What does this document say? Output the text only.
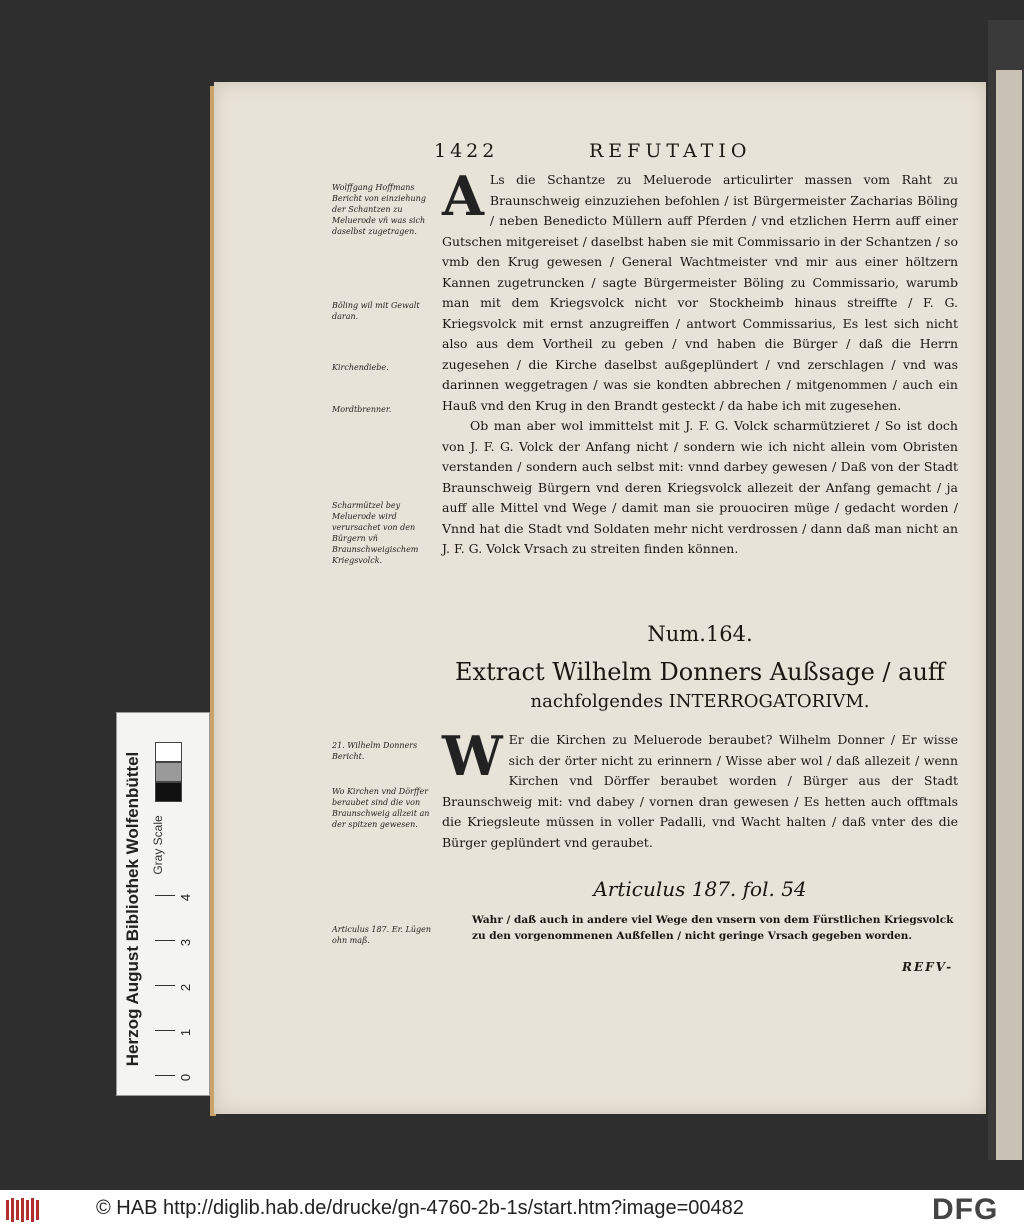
1422	REFUTATIO
Wolffgang Hoffmans Bericht von einziehung der Schantzen zu Meluerode vñ was sich daselbst zugetragen.
Böling wil mit Gewalt daran.
Kirchendiebe.
Mordtbrenner.
Scharmützel bey Meluerode wird verursachet von den Bürgern vñ Braunschweigischem Kriegsvolck.
21. Wilhelm Donners Bericht.
Wo Kirchen vnd Dörffer beraubet sind die von Braunschweig allzeit an der spitzen gewesen.
Articulus 187. Er. Lügen ohn maß.

A Ls die Schantze zu Meluerode articulirter massen vom Raht zu Braunschweig einzuziehen befohlen / ist Bürgermeister Zacharias Böling / neben Benedicto Müllern auff Pferden / vnd etzlichen Herrn auff einer Gutschen mitgereiset / daselbst haben sie mit Commissario in der Schantzen / so vmb den Krug gewesen / General Wachtmeister vnd mir aus einer höltzern Kannen zugetruncken / sagte Bürgermeister Böling zu Commissario, warumb man mit dem Kriegsvolck nicht vor Stockheimb hinaus streiffte / F. G. Kriegsvolck mit ernst anzugreiffen / antwort Commissarius, Es lest sich nicht also aus dem Vortheil zu geben / vnd haben die Bürger / daß die Herrn zugesehen / die Kirche daselbst außgeplündert / vnd zerschlagen / vnd was darinnen weggetragen / was sie kondten abbrechen / mitgenommen / auch ein Hauß vnd den Krug in den Brandt gesteckt / da habe ich mit zugesehen.

Ob man aber wol immittelst mit J. F. G. Volck scharmützieret / So ist doch von J. F. G. Volck der Anfang nicht / sondern wie ich nicht allein vom Obristen verstanden / sondern auch selbst mit: vnnd darbey gewesen / Daß von der Stadt Braunschweig Bürgern vnd deren Kriegsvolck allezeit der Anfang gemacht / ja auff alle Mittel vnd Wege / damit man sie prouociren müge / gedacht worden / Vnnd hat die Stadt vnd Soldaten mehr nicht verdrossen / dann daß man nicht an J. F. G. Volck Vrsach zu streiten finden können.

Num.164.
Extract Wilhelm Donners Außsage / auff
nachfolgendes INTERROGATORIVM.

W Er die Kirchen zu Meluerode beraubet? Wilhelm Donner / Er wisse sich der örter nicht zu erinnern / Wisse aber wol / daß allezeit / wenn Kirchen vnd Dörffer beraubet worden / Bürger aus der Stadt Braunschweig mit: vnd dabey / vornen dran gewesen / Es hetten auch offtmals die Kriegsleute müssen in voller Padalli, vnd Wacht halten / daß vnter des die Bürger geplündert vnd geraubet.

Articulus 187. fol. 54
Wahr / daß auch in andere viel Wege den vnsern von dem Fürstlichen Kriegsvolck zu den vorgenommenen Außfellen / nicht geringe Vrsach gegeben worden.
REFV-
Herzog August Bibliothek Wolfenbüttel Gray Scale
0
1
2
3
4
© HAB http://diglib.hab.de/drucke/gn-4760-2b-1s/start.htm?image=00482	DFG
